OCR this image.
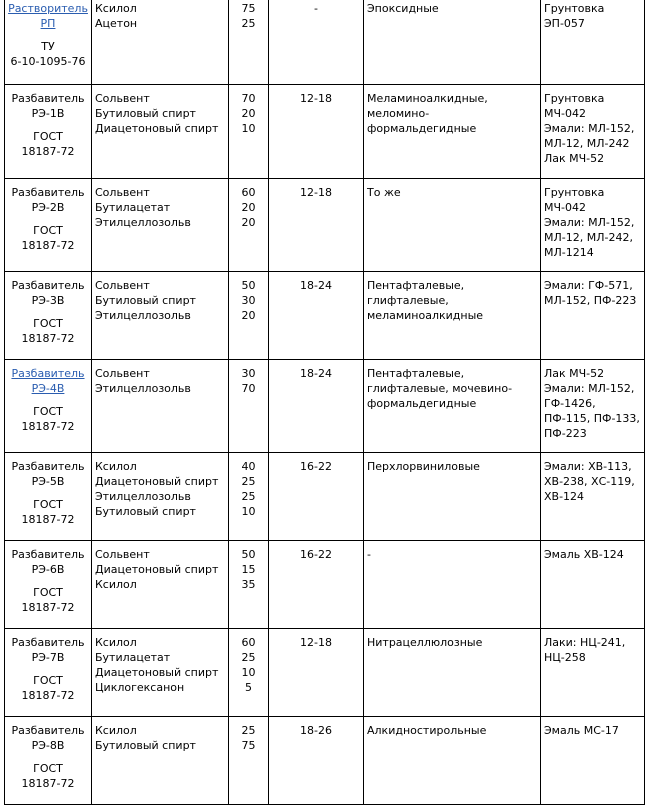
Растворитель
РП
ТУ
6-10-1095-76	Ксилол
Ацетон	75
25	-	Эпоксидные	Грунтовка
ЭП-057

Разбавитель
РЭ-1В
ГОСТ
18187-72	Сольвент
Бутиловый спирт
Диацетоновый спирт	70
20
10	12-18	Меламиноалкидные,
меломино-
формальдегидные	Грунтовка
МЧ-042
Эмали: МЛ-152,
МЛ-12, МЛ-242
Лак МЧ-52

Разбавитель
РЭ-2В
ГОСТ
18187-72	Сольвент
Бутилацетат
Этилцеллозольв	60
20
20	12-18	То же	Грунтовка
МЧ-042
Эмали: МЛ-152,
МЛ-12, МЛ-242,
МЛ-1214

Разбавитель
РЭ-3В
ГОСТ
18187-72	Сольвент
Бутиловый спирт
Этилцеллозольв	50
30
20	18-24	Пентафталевые,
глифталевые,
меламиноалкидные	Эмали: ГФ-571,
МЛ-152, ПФ-223

Разбавитель
РЭ-4В
ГОСТ
18187-72	Сольвент
Этилцеллозольв	30
70	18-24	Пентафталевые,
глифталевые, мочевино-
формальдегидные	Лак МЧ-52
Эмали: МЛ-152,
ГФ-1426,
ПФ-115, ПФ-133,
ПФ-223

Разбавитель
РЭ-5В
ГОСТ
18187-72	Ксилол
Диацетоновый спирт
Этилцеллозольв
Бутиловый спирт	40
25
25
10	16-22	Перхлорвиниловые	Эмали: ХВ-113,
ХВ-238, ХС-119,
ХВ-124

Разбавитель
РЭ-6В
ГОСТ
18187-72	Сольвент
Диацетоновый спирт
Ксилол	50
15
35	16-22	-	Эмаль ХВ-124

Разбавитель
РЭ-7В
ГОСТ
18187-72	Ксилол
Бутилацетат
Диацетоновый спирт
Циклогексанон	60
25
10
5	12-18	Нитрацеллюлозные	Лаки: НЦ-241,
НЦ-258

Разбавитель
РЭ-8В
ГОСТ
18187-72	Ксилол
Бутиловый спирт	25
75	18-26	Алкидностирольные	Эмаль МС-17
